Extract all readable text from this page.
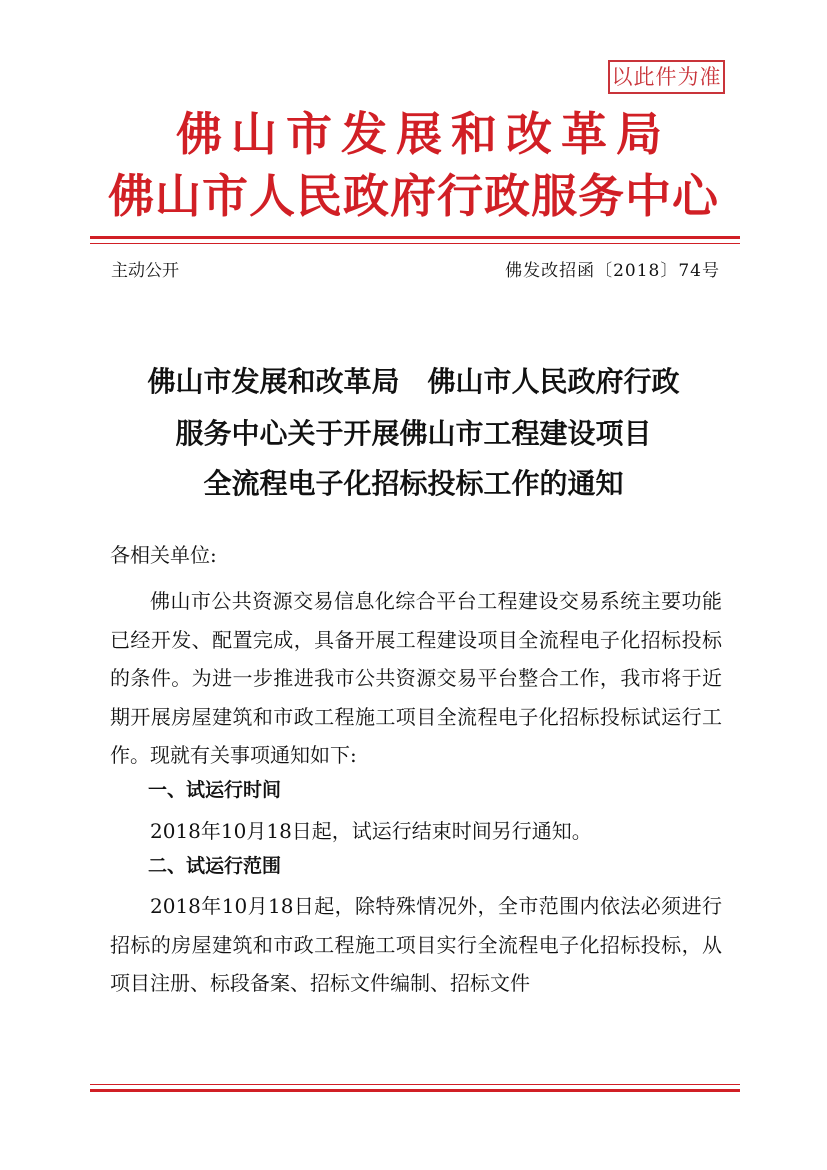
以此件为准
佛山市发展和改革局
佛山市人民政府行政服务中心
主动公开	佛发改招函〔2018〕74号
佛山市发展和改革局　佛山市人民政府行政
服务中心关于开展佛山市工程建设项目
全流程电子化招标投标工作的通知
各相关单位:

佛山市公共资源交易信息化综合平台工程建设交易系统主要功能已经开发、配置完成，具备开展工程建设项目全流程电子化招标投标的条件。为进一步推进我市公共资源交易平台整合工作，我市将于近期开展房屋建筑和市政工程施工项目全流程电子化招标投标试运行工作。现就有关事项通知如下:

一、试运行时间

2018年10月18日起，试运行结束时间另行通知。

二、试运行范围

2018年10月18日起，除特殊情况外，全市范围内依法必须进行招标的房屋建筑和市政工程施工项目实行全流程电子化招标投标，从项目注册、标段备案、招标文件编制、招标文件
